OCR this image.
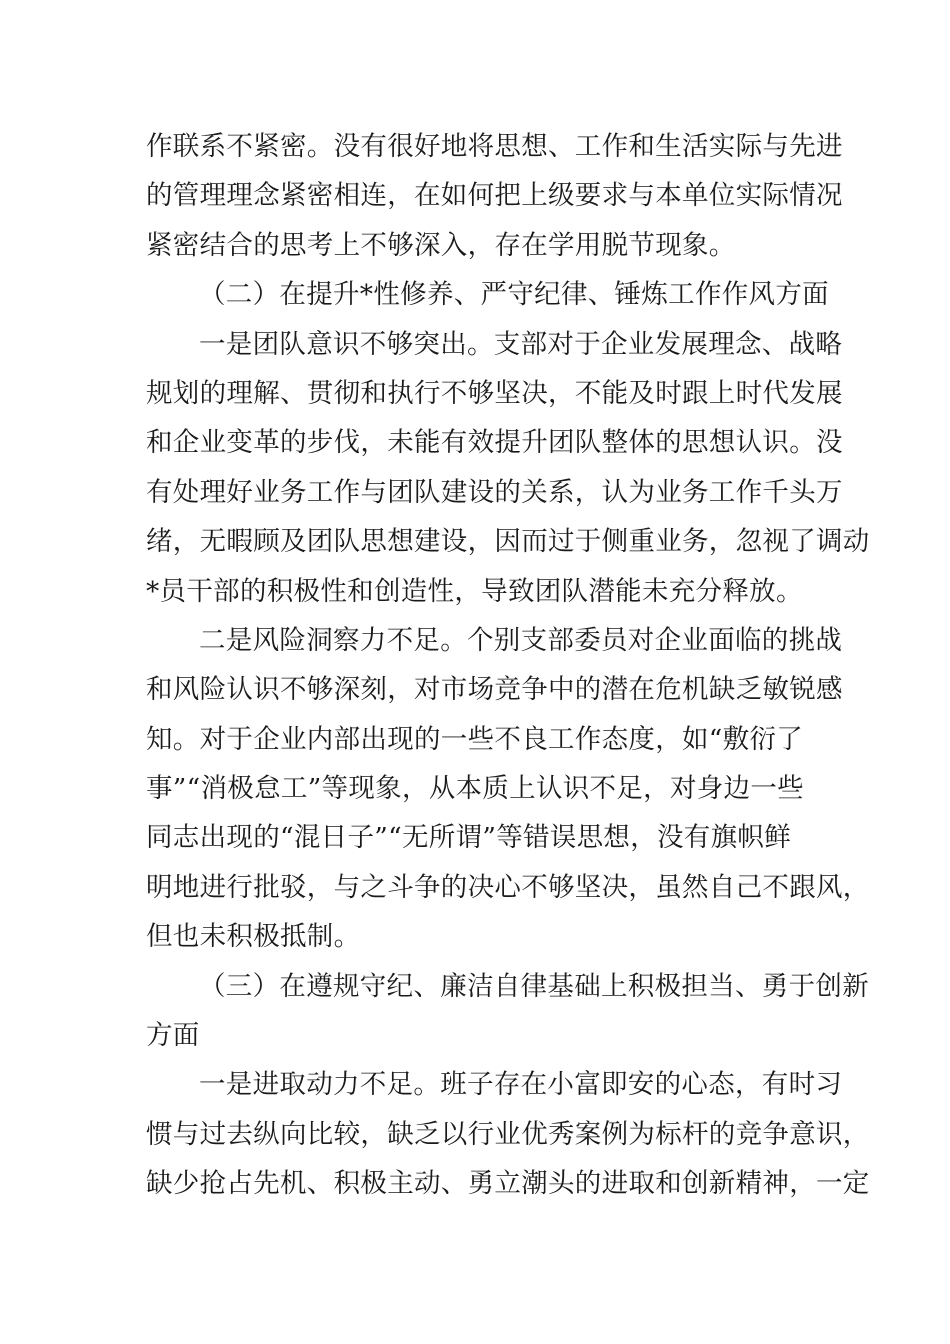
作联系不紧密。没有很好地将思想、工作和生活实际与先进
的管理理念紧密相连，在如何把上级要求与本单位实际情况
紧密结合的思考上不够深入，存在学用脱节现象。
（二）在提升*性修养、严守纪律、锤炼工作作风方面
一是团队意识不够突出。支部对于企业发展理念、战略
规划的理解、贯彻和执行不够坚决，不能及时跟上时代发展
和企业变革的步伐，未能有效提升团队整体的思想认识。没
有处理好业务工作与团队建设的关系，认为业务工作千头万
绪，无暇顾及团队思想建设，因而过于侧重业务，忽视了调动
*员干部的积极性和创造性，导致团队潜能未充分释放。
二是风险洞察力不足。个别支部委员对企业面临的挑战
和风险认识不够深刻，对市场竞争中的潜在危机缺乏敏锐感
知。对于企业内部出现的一些不良工作态度，如“敷衍了
事”“消极怠工”等现象，从本质上认识不足，对身边一些
同志出现的“混日子”“无所谓”等错误思想，没有旗帜鲜
明地进行批驳，与之斗争的决心不够坚决，虽然自己不跟风，
但也未积极抵制。
（三）在遵规守纪、廉洁自律基础上积极担当、勇于创新
方面
一是进取动力不足。班子存在小富即安的心态，有时习
惯与过去纵向比较，缺乏以行业优秀案例为标杆的竞争意识，
缺少抢占先机、积极主动、勇立潮头的进取和创新精神，一定
